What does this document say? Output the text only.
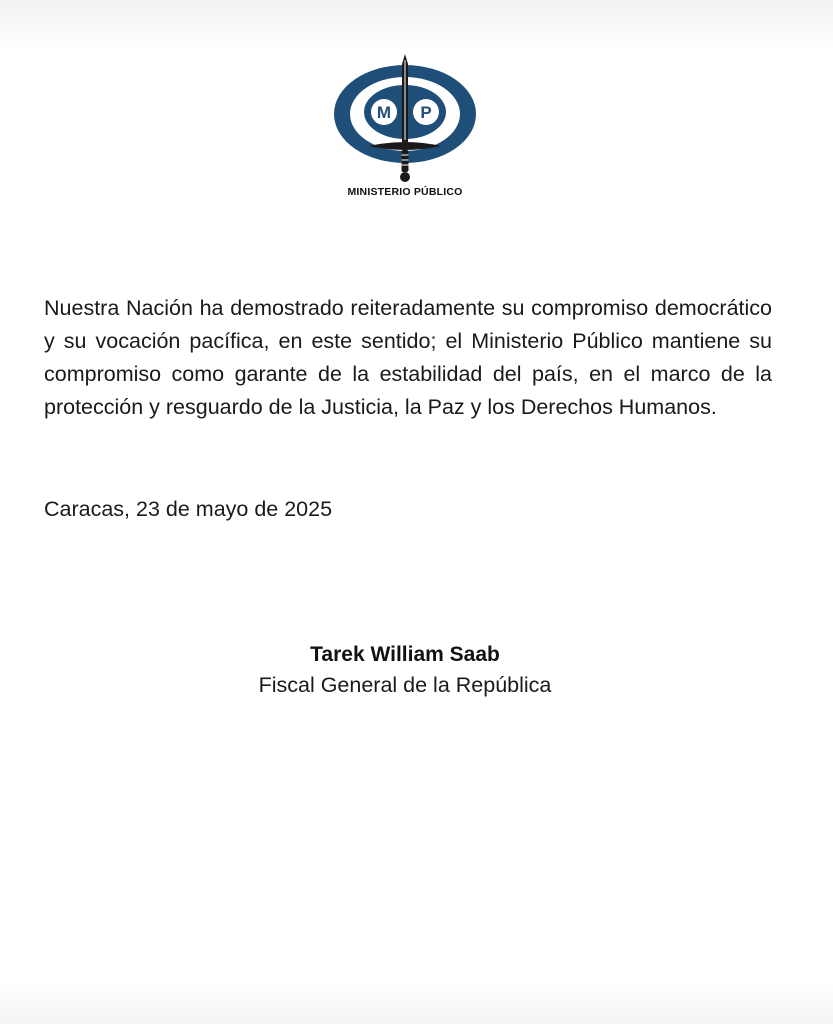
M P
MINISTERIO PÚBLICO

Nuestra Nación ha demostrado reiteradamente su compromiso democrático y su vocación pacífica, en este sentido; el Ministerio Público mantiene su compromiso como garante de la estabilidad del país, en el marco de la protección y resguardo de la Justicia, la Paz y los Derechos Humanos.

Caracas, 23 de mayo de 2025
Tarek William Saab
Fiscal General de la República
